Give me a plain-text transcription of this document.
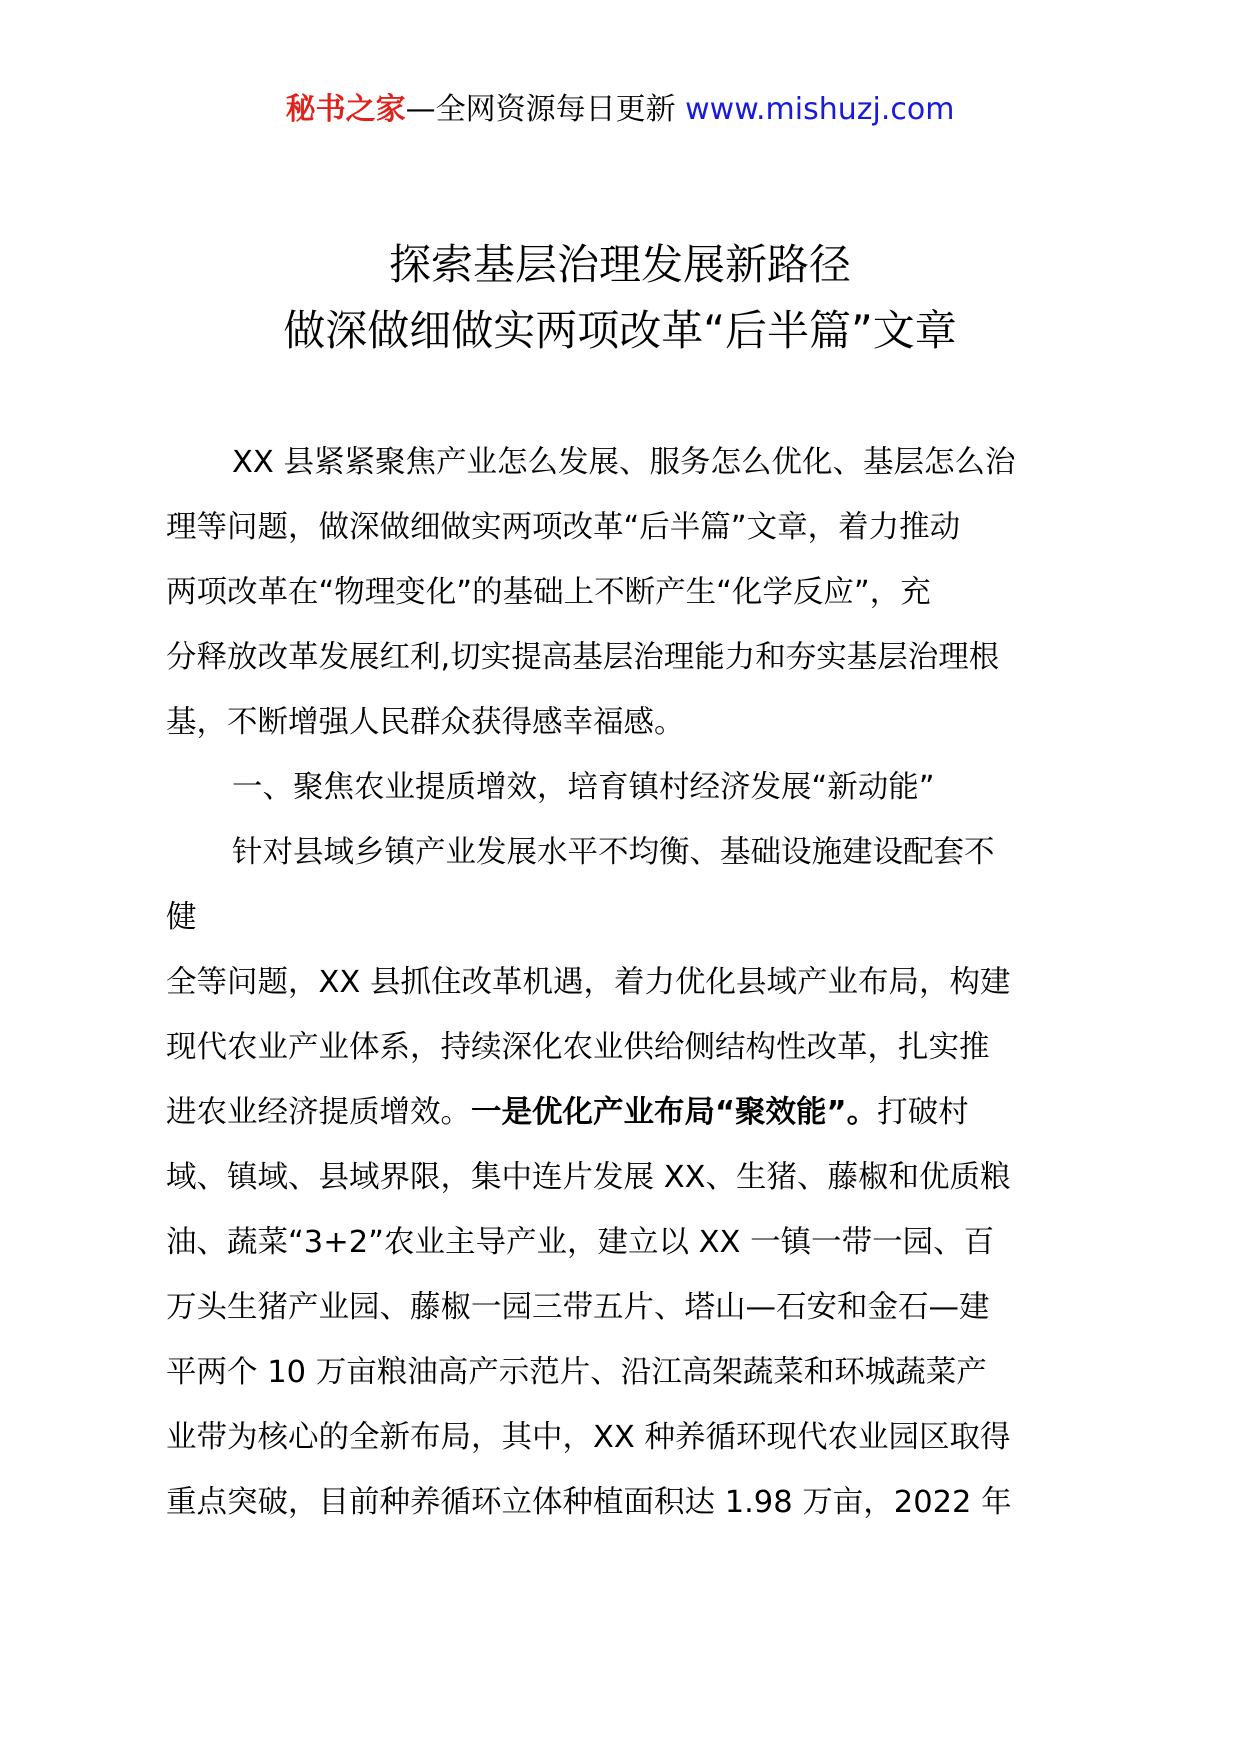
秘书之家—全网资源每日更新 www.mishuzj.com
探索基层治理发展新路径
做深做细做实两项改革“后半篇”文章
XX 县紧紧聚焦产业怎么发展、服务怎么优化、基层怎么治
理等问题，做深做细做实两项改革“后半篇”文章，着力推动
两项改革在“物理变化”的基础上不断产生“化学反应”，充
分释放改革发展红利,切实提高基层治理能力和夯实基层治理根
基，不断增强人民群众获得感幸福感。
一、聚焦农业提质增效，培育镇村经济发展“新动能”
针对县域乡镇产业发展水平不均衡、基础设施建设配套不
健
全等问题，XX 县抓住改革机遇，着力优化县域产业布局，构建
现代农业产业体系，持续深化农业供给侧结构性改革，扎实推
进农业经济提质增效。一是优化产业布局“聚效能”。打破村
域、镇域、县域界限，集中连片发展 XX、生猪、藤椒和优质粮
油、蔬菜“3+2”农业主导产业，建立以 XX 一镇一带一园、百
万头生猪产业园、藤椒一园三带五片、塔山—石安和金石—建
平两个 10 万亩粮油高产示范片、沿江高架蔬菜和环城蔬菜产
业带为核心的全新布局，其中，XX 种养循环现代农业园区取得
重点突破，目前种养循环立体种植面积达 1.98 万亩，2022 年
